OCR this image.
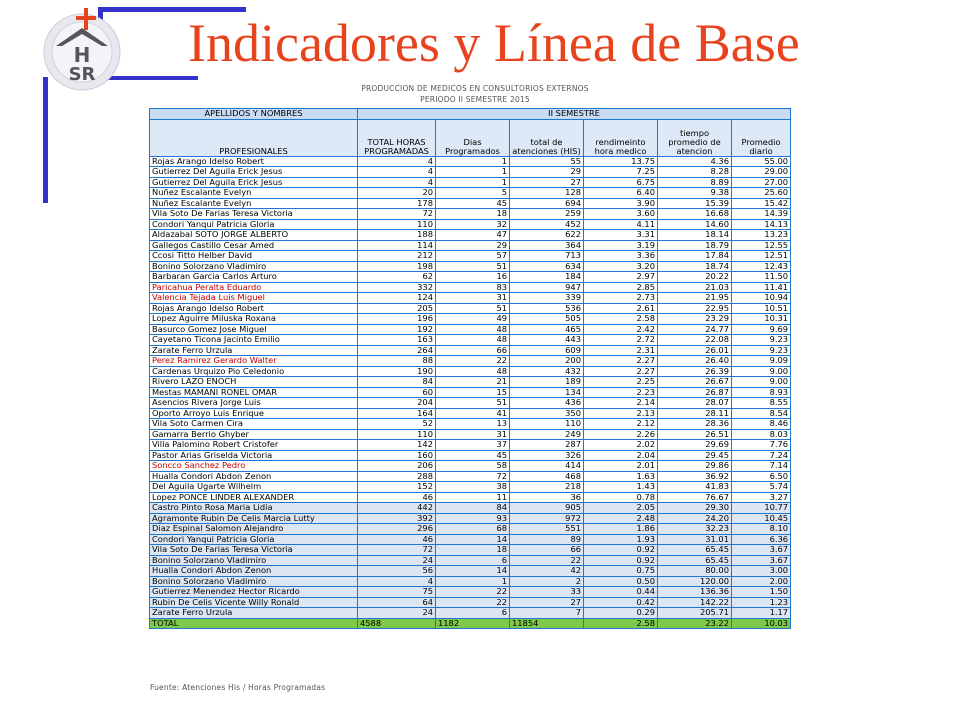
H
SR
Indicadores y Línea de Base
PRODUCCION DE MEDICOS EN CONSULTORIOS EXTERNOS
PERIODO II SEMESTRE 2015
APELLIDOS Y NOMBRES	II SEMESTRE					
PROFESIONALES	TOTAL HORAS PROGRAMADAS	Dias Programados	total de atenciones (HIS)	rendimeinto hora medico	tiempo promedio de atencion	Promedio diario
Rojas Arango Idelso Robert	4	1	55	13.75	4.36	55.00
Gutierrez Del Aguila Erick Jesus	4	1	29	7.25	8.28	29.00
Gutierrez Del Aguila Erick Jesus	4	1	27	6.75	8.89	27.00
Nuñez Escalante Evelyn	20	5	128	6.40	9.38	25.60
Nuñez Escalante Evelyn	178	45	694	3.90	15.39	15.42
Vila Soto De Farias Teresa Victoria	72	18	259	3.60	16.68	14.39
Condori Yanqui Patricia Gloria	110	32	452	4.11	14.60	14.13
Aldazabal SOTO JORGE ALBERTO	188	47	622	3.31	18.14	13.23
Gallegos Castillo Cesar Amed	114	29	364	3.19	18.79	12.55
Ccosi Titto Helber David	212	57	713	3.36	17.84	12.51
Bonino Solorzano Vladimiro	198	51	634	3.20	18.74	12.43
Barbaran Garcia Carlos Arturo	62	16	184	2.97	20.22	11.50
Paricahua Peralta Eduardo	332	83	947	2.85	21.03	11.41
Valencia Tejada Luis Miguel	124	31	339	2.73	21.95	10.94
Rojas Arango Idelso Robert	205	51	536	2.61	22.95	10.51
Lopez Aguirre Miluska Roxana	196	49	505	2.58	23.29	10.31
Basurco Gomez Jose Miguel	192	48	465	2.42	24.77	9.69
Cayetano Ticona Jacinto Emilio	163	48	443	2.72	22.08	9.23
Zarate Ferro Urzula	264	66	609	2.31	26.01	9.23
Perez Ramirez Gerardo Walter	88	22	200	2.27	26.40	9.09
Cardenas Urquizo Pio Celedonio	190	48	432	2.27	26.39	9.00
Rivero LAZO ENOCH	84	21	189	2.25	26.67	9.00
Mestas MAMANI RONEL OMAR	60	15	134	2.23	26.87	8.93
Asencios Rivera Jorge Luis	204	51	436	2.14	28.07	8.55
Oporto Arroyo Luis Enrique	164	41	350	2.13	28.11	8.54
Vila Soto Carmen Cira	52	13	110	2.12	28.36	8.46
Gamarra Berrio Ghyber	110	31	249	2.26	26.51	8.03
Villa Palomino Robert Cristofer	142	37	287	2.02	29.69	7.76
Pastor Arias Griselda Victoria	160	45	326	2.04	29.45	7.24
Soncco Sanchez Pedro	206	58	414	2.01	29.86	7.14
Hualla Condori Abdon Zenon	288	72	468	1.63	36.92	6.50
Del Aguila Ugarte Wilhelm	152	38	218	1.43	41.83	5.74
Lopez PONCE LINDER ALEXANDER	46	11	36	0.78	76.67	3.27
Castro Pinto Rosa Maria Lidia	442	84	905	2.05	29.30	10.77
Agramonte Rubin De Celis Marcia Lutty	392	93	972	2.48	24.20	10.45
Diaz Espinal Salomon Alejandro	296	68	551	1.86	32.23	8.10
Condori Yanqui Patricia Gloria	46	14	89	1.93	31.01	6.36
Vila Soto De Farias Teresa Victoria	72	18	66	0.92	65.45	3.67
Bonino Solorzano Vladimiro	24	6	22	0.92	65.45	3.67
Hualla Condori Abdon Zenon	56	14	42	0.75	80.00	3.00
Bonino Solorzano Vladimiro	4	1	2	0.50	120.00	2.00
Gutierrez Menendez Hector Ricardo	75	22	33	0.44	136.36	1.50
Rubin De Celis Vicente Willy Ronald	64	22	27	0.42	142.22	1.23
Zarate Ferro Urzula	24	6	7	0.29	205.71	1.17
TOTAL	4588	1182	11854	2.58	23.22	10.03
Fuente: Atenciones His / Horas Programadas
